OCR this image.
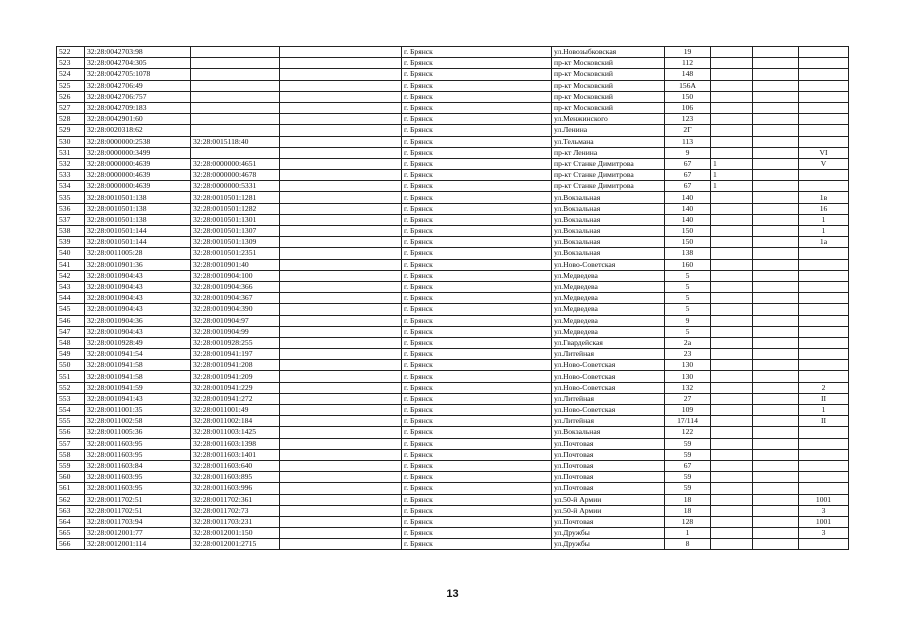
522	32:28:0042703:98			г. Брянск	ул.Новозыбковская	19			
523	32:28:0042704:305			г. Брянск	пр-кт Московский	112			
524	32:28:0042705:1078			г. Брянск	пр-кт Московский	148			
525	32:28:0042706:49			г. Брянск	пр-кт Московский	156А			
526	32:28:0042706:757			г. Брянск	пр-кт Московский	150			
527	32:28:0042709:183			г. Брянск	пр-кт Московский	106			
528	32:28:0042901:60			г. Брянск	ул.Менжинского	123			
529	32:28:0020318:62			г. Брянск	ул.Ленина	2Г			
530	32:28:0000000:2538	32:28:0015118:40		г. Брянск	ул.Тельмана	113			
531	32:28:0000000:3499			г. Брянск	пр-кт Ленина	9			VI
532	32:28:0000000:4639	32:28:0000000:4651		г. Брянск	пр-кт Станке Димитрова	67	1		V
533	32:28:0000000:4639	32:28:0000000:4678		г. Брянск	пр-кт Станке Димитрова	67	1		
534	32:28:0000000:4639	32:28:0000000:5331		г. Брянск	пр-кт Станке Димитрова	67	1		
535	32:28:0010501:138	32:28:0010501:1281		г. Брянск	ул.Вокзальная	140			1в
536	32:28:0010501:138	32:28:0010501:1282		г. Брянск	ул.Вокзальная	140			16
537	32:28:0010501:138	32:28:0010501:1301		г. Брянск	ул.Вокзальная	140			1
538	32:28:0010501:144	32:28:0010501:1307		г. Брянск	ул.Вокзальная	150			1
539	32:28:0010501:144	32:28:0010501:1309		г. Брянск	ул.Вокзальная	150			1а
540	32:28:0011005:28	32:28:0010501:2351		г. Брянск	ул.Вокзальная	138			
541	32:28:0010901:36	32:28:0010901:40		г. Брянск	ул.Ново-Советская	160			
542	32:28:0010904:43	32:28:0010904:100		г. Брянск	ул.Медведева	5			
543	32:28:0010904:43	32:28:0010904:366		г. Брянск	ул.Медведева	5			
544	32:28:0010904:43	32:28:0010904:367		г. Брянск	ул.Медведева	5			
545	32:28:0010904:43	32:28:0010904:390		г. Брянск	ул.Медведева	5			
546	32:28:0010904:36	32:28:0010904:97		г. Брянск	ул.Медведева	9			
547	32:28:0010904:43	32:28:0010904:99		г. Брянск	ул.Медведева	5			
548	32:28:0010928:49	32:28:0010928:255		г. Брянск	ул.Гвардейская	2а			
549	32:28:0010941:54	32:28:0010941:197		г. Брянск	ул.Литейная	23			
550	32:28:0010941:58	32:28:0010941:208		г. Брянск	ул.Ново-Советская	130			
551	32:28:0010941:58	32:28:0010941:209		г. Брянск	ул.Ново-Советская	130			
552	32:28:0010941:59	32:28:0010941:229		г. Брянск	ул.Ново-Советская	132			2
553	32:28:0010941:43	32:28:0010941:272		г. Брянск	ул.Литейная	27			II
554	32:28:0011001:35	32:28:0011001:49		г. Брянск	ул.Ново-Советская	109			1
555	32:28:0011002:58	32:28:0011002:184		г. Брянск	ул.Литейная	17/114			II
556	32:28:0011005:36	32:28:0011003:1425		г. Брянск	ул.Вокзальная	122			
557	32:28:0011603:95	32:28:0011603:1398		г. Брянск	ул.Почтовая	59			
558	32:28:0011603:95	32:28:0011603:1401		г. Брянск	ул.Почтовая	59			
559	32:28:0011603:84	32:28:0011603:640		г. Брянск	ул.Почтовая	67			
560	32:28:0011603:95	32:28:0011603:895		г. Брянск	ул.Почтовая	59			
561	32:28:0011603:95	32:28:0011603:996		г. Брянск	ул.Почтовая	59			
562	32:28:0011702:51	32:28:0011702:361		г. Брянск	ул.50-й Армии	18			1001
563	32:28:0011702:51	32:28:0011702:73		г. Брянск	ул.50-й Армии	18			3
564	32:28:0011703:94	32:28:0011703:231		г. Брянск	ул.Почтовая	128			1001
565	32:28:0012001:77	32:28:0012001:150		г. Брянск	ул.Дружбы	1			3
566	32:28:0012001:114	32:28:0012001:2715		г. Брянск	ул.Дружбы	8			
13
